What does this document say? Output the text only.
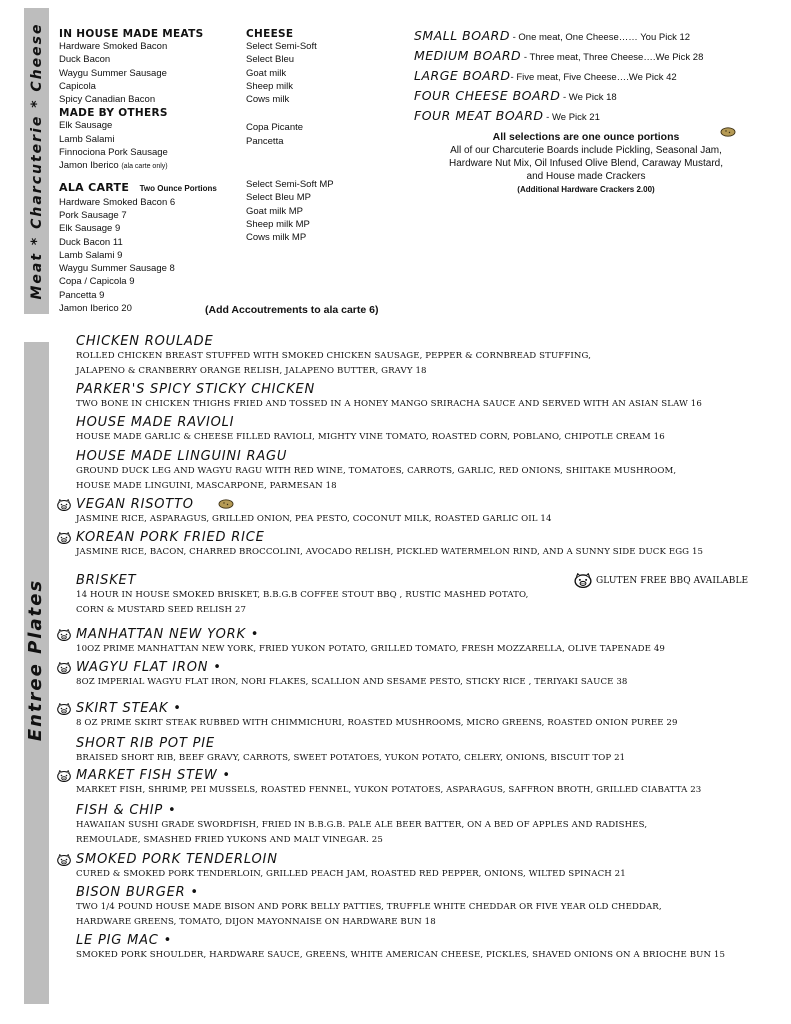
Meat * Charcuterie * Cheese
Entree Plates
IN HOUSE MADE MEATS
Hardware Smoked Bacon
Duck Bacon
Waygu Summer Sausage
Capicola
Spicy Canadian Bacon
MADE BY OTHERS
Elk Sausage
Lamb Salami
Finnociona Pork Sausage
Jamon Iberico (ala carte only)
ALA CARTE Two Ounce Portions
Hardware Smoked Bacon 6
Pork Sausage 7
Elk Sausage 9
Duck Bacon 11
Lamb Salami 9
Waygu Summer Sausage 8
Copa / Capicola 9
Pancetta 9
Jamon Iberico 20
CHEESE
Select Semi-Soft
Select Bleu
Goat milk
Sheep milk
Cows milk
Copa Picante
Pancetta
Select Semi-Soft MP
Select Bleu MP
Goat milk MP
Sheep milk MP
Cows milk MP
(Add Accoutrements to ala carte 6)
SMALL BOARD - One meat, One Cheese…… You Pick 12
MEDIUM BOARD - Three meat, Three Cheese….We Pick 28
LARGE BOARD- Five meat, Five Cheese….We Pick 42
FOUR CHEESE BOARD - We Pick 18
FOUR MEAT BOARD - We Pick 21
All selections are one ounce portions
All of our Charcuterie Boards include Pickling, Seasonal Jam,
Hardware Nut Mix, Oil Infused Olive Blend, Caraway Mustard,
and House made Crackers
(Additional Hardware Crackers 2.00)
GLUTEN FREE BBQ AVAILABLE
CHICKEN ROULADE
ROLLED CHICKEN BREAST STUFFED WITH SMOKED CHICKEN SAUSAGE, PEPPER & CORNBREAD STUFFING,
JALAPENO & CRANBERRY ORANGE RELISH, JALAPENO BUTTER, GRAVY 18
PARKER'S SPICY STICKY CHICKEN
TWO BONE IN CHICKEN THIGHS FRIED AND TOSSED IN A HONEY MANGO SRIRACHA SAUCE AND SERVED WITH AN ASIAN SLAW 16
HOUSE MADE RAVIOLI
HOUSE MADE GARLIC & CHEESE FILLED RAVIOLI, MIGHTY VINE TOMATO, ROASTED CORN, POBLANO, CHIPOTLE CREAM 16
HOUSE MADE LINGUINI RAGU
GROUND DUCK LEG AND WAGYU RAGU WITH RED WINE, TOMATOES, CARROTS, GARLIC, RED ONIONS, SHIITAKE MUSHROOM,
HOUSE MADE LINGUINI, MASCARPONE, PARMESAN 18
VEGAN RISOTTO
JASMINE RICE, ASPARAGUS, GRILLED ONION, PEA PESTO, COCONUT MILK, ROASTED GARLIC OIL 14
KOREAN PORK FRIED RICE
JASMINE RICE, BACON, CHARRED BROCCOLINI, AVOCADO RELISH, PICKLED WATERMELON RIND, AND A SUNNY SIDE DUCK EGG 15
BRISKET
14 HOUR IN HOUSE SMOKED BRISKET, B.B.G.B COFFEE STOUT BBQ , RUSTIC MASHED POTATO,
CORN & MUSTARD SEED RELISH 27
MANHATTAN NEW YORK •
10OZ PRIME MANHATTAN NEW YORK, FRIED YUKON POTATO, GRILLED TOMATO, FRESH MOZZARELLA, OLIVE TAPENADE 49
WAGYU FLAT IRON •
8OZ IMPERIAL WAGYU FLAT IRON, NORI FLAKES, SCALLION AND SESAME PESTO, STICKY RICE , TERIYAKI SAUCE 38
SKIRT STEAK •
8 OZ PRIME SKIRT STEAK RUBBED WITH CHIMMICHURI, ROASTED MUSHROOMS, MICRO GREENS, ROASTED ONION PUREE 29
SHORT RIB POT PIE
BRAISED SHORT RIB, BEEF GRAVY, CARROTS, SWEET POTATOES, YUKON POTATO, CELERY, ONIONS, BISCUIT TOP 21
MARKET FISH STEW •
MARKET FISH, SHRIMP, PEI MUSSELS, ROASTED FENNEL, YUKON POTATOES, ASPARAGUS, SAFFRON BROTH, GRILLED CIABATTA 23
FISH & CHIP •
HAWAIIAN SUSHI GRADE SWORDFISH, FRIED IN B.B.G.B. PALE ALE BEER BATTER, ON A BED OF APPLES AND RADISHES,
REMOULADE, SMASHED FRIED YUKONS AND MALT VINEGAR. 25
SMOKED PORK TENDERLOIN
CURED & SMOKED PORK TENDERLOIN, GRILLED PEACH JAM, ROASTED RED PEPPER, ONIONS, WILTED SPINACH 21
BISON BURGER •
TWO 1/4 POUND HOUSE MADE BISON AND PORK BELLY PATTIES, TRUFFLE WHITE CHEDDAR OR FIVE YEAR OLD CHEDDAR,
HARDWARE GREENS, TOMATO, DIJON MAYONNAISE ON HARDWARE BUN 18
LE PIG MAC •
SMOKED PORK SHOULDER, HARDWARE SAUCE, GREENS, WHITE AMERICAN CHEESE, PICKLES, SHAVED ONIONS ON A BRIOCHE BUN 15
